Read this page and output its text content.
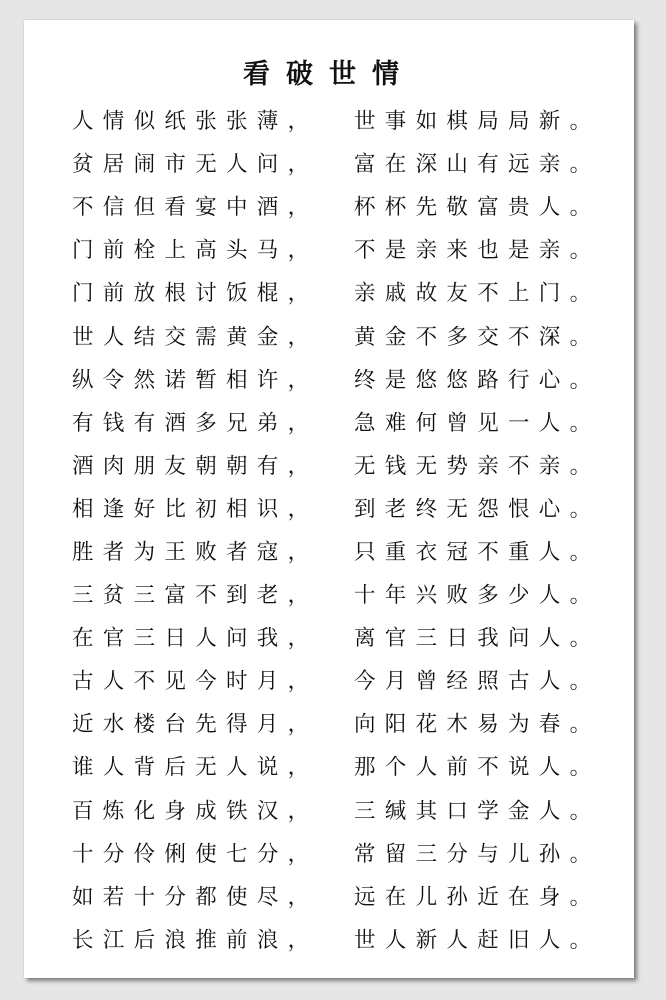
看破世情
人情似纸张张薄，	世事如棋局局新。
贫居闹市无人问，	富在深山有远亲。
不信但看宴中酒，	杯杯先敬富贵人。
门前栓上高头马，	不是亲来也是亲。
门前放根讨饭棍，	亲戚故友不上门。
世人结交需黄金，	黄金不多交不深。
纵令然诺暂相许，	终是悠悠路行心。
有钱有酒多兄弟，	急难何曾见一人。
酒肉朋友朝朝有，	无钱无势亲不亲。
相逢好比初相识，	到老终无怨恨心。
胜者为王败者寇，	只重衣冠不重人。
三贫三富不到老，	十年兴败多少人。
在官三日人问我，	离官三日我问人。
古人不见今时月，	今月曾经照古人。
近水楼台先得月，	向阳花木易为春。
谁人背后无人说，	那个人前不说人。
百炼化身成铁汉，	三缄其口学金人。
十分伶俐使七分，	常留三分与儿孙。
如若十分都使尽，	远在儿孙近在身。
长江后浪推前浪，	世人新人赶旧人。
